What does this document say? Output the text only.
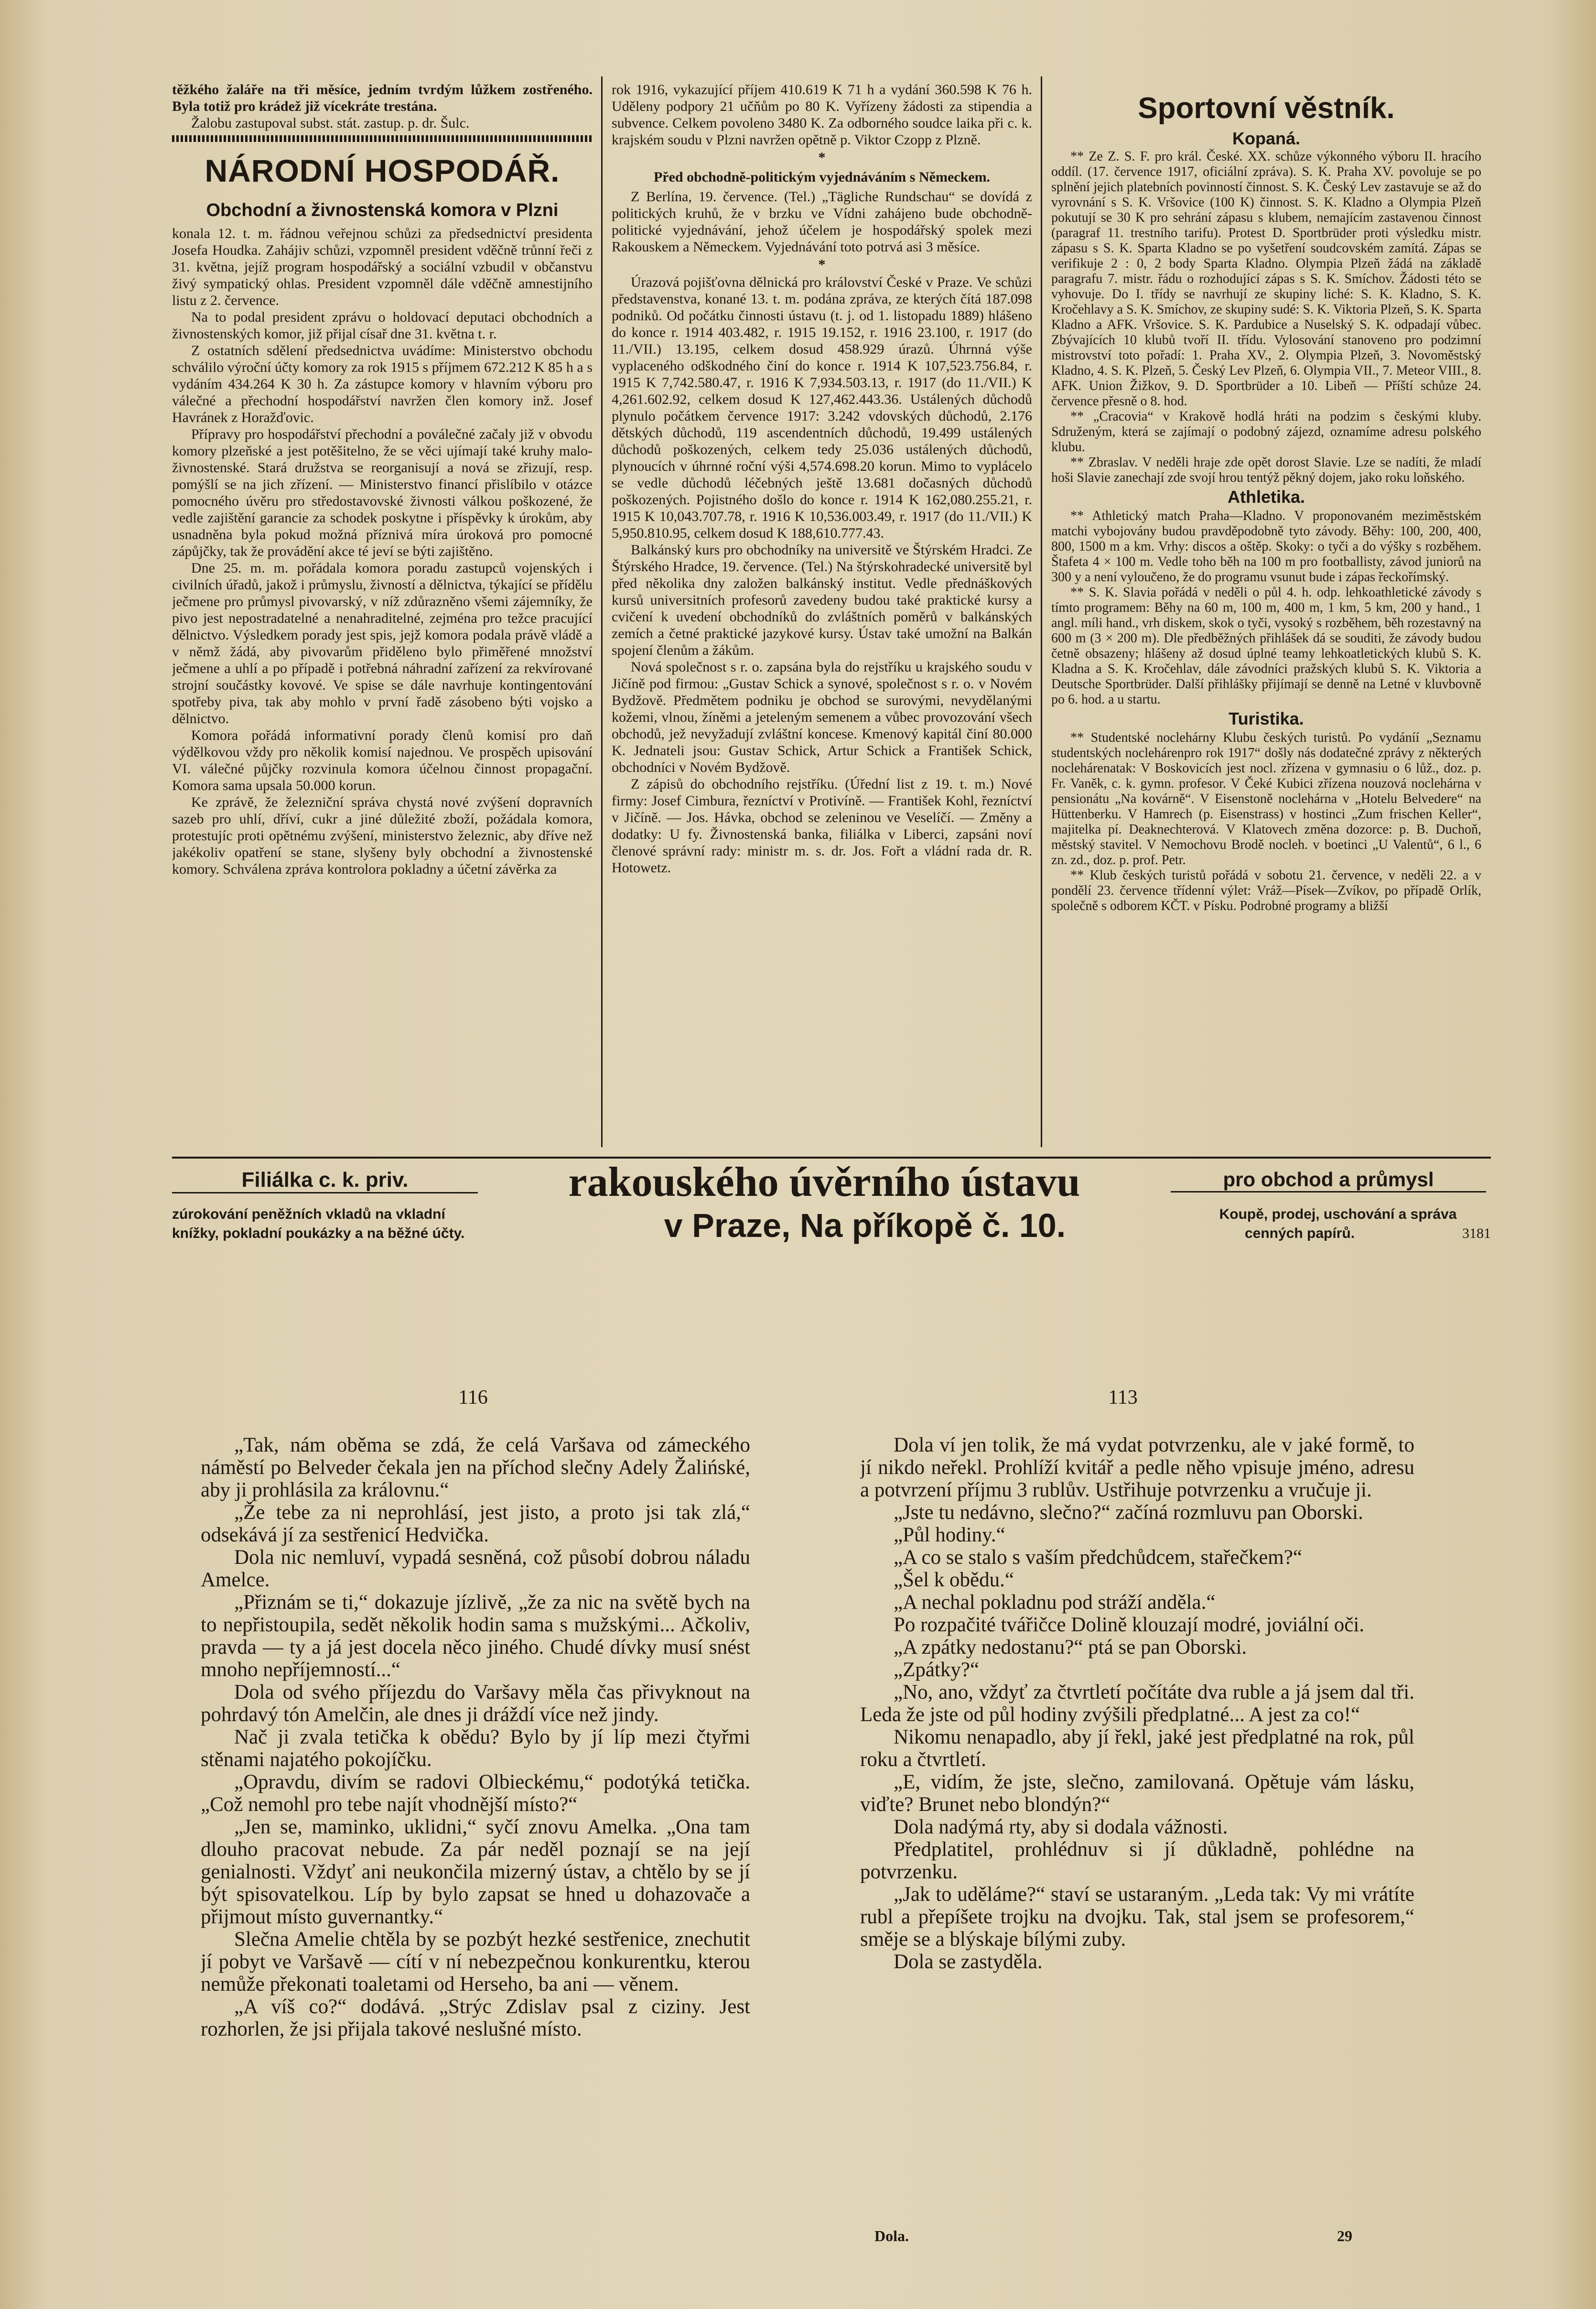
těžkého žaláře na tři měsíce, jedním tvrdým lůžkem zostřeného. Byla totiž pro krádež již vícekráte trestána.

Žalobu zastupoval subst. stát. zastup. p. dr. Šulc.

NÁRODNÍ HOSPODÁŘ.
Obchodní a živnostenská komora v Plzni

konala 12. t. m. řádnou veřejnou schůzi za předsednictví presidenta Josefa Houdka. Zahájiv schůzi, vzpomněl president vděčně trůnní řeči z 31. května, jejíž program hospodářský a sociální vzbudil v občanstvu živý sympatický ohlas. President vzpomněl dále vděčně amnestijního listu z 2. července.

Na to podal president zprávu o holdovací deputaci obchodních a živnostenských komor, již přijal císař dne 31. května t. r.

Z ostatních sdělení předsednictva uvádíme: Ministerstvo obchodu schválilo výroční účty komory za rok 1915 s příjmem 672.212 K 85 h a s vydáním 434.264 K 30 h. Za zástupce komory v hlavním výboru pro válečné a přechodní hospodářství navržen člen komory inž. Josef Havránek z Horažďovic.

Přípravy pro hospodářství přechodní a poválečné začaly již v obvodu komory plzeňské a jest potěšitelno, že se věci ujímají také kruhy malo-živnostenské. Stará družstva se reorganisují a nová se zřizují, resp. pomýšlí se na jich zřízení. — Ministerstvo financí přislíbilo v otázce pomocného úvěru pro středostavovské živnosti válkou poškozené, že vedle zajištění garancie za schodek poskytne i příspěvky k úrokům, aby usnadněna byla pokud možná příznivá míra úroková pro pomocné zápůjčky, tak že provádění akce té jeví se býti zajištěno.

Dne 25. m. m. pořádala komora poradu zastupců vojenských i civilních úřadů, jakož i průmyslu, živností a dělnictva, týkající se přídělu ječmene pro průmysl pivovarský, v níž zdůrazněno všemi zájemníky, že pivo jest nepostradatelné a nenahraditelné, zejména pro težce pracující dělnictvo. Výsledkem porady jest spis, jejž komora podala právě vládě a v němž žádá, aby pivovarům přiděleno bylo přiměřené množství ječmene a uhlí a po případě i potřebná náhradní zařízení za rekvírované strojní součástky kovové. Ve spise se dále navrhuje kontingentování spotřeby piva, tak aby mohlo v první řadě zásobeno býti vojsko a dělnictvo.

Komora pořádá informativní porady členů komisí pro daň výdělkovou vždy pro několik komisí najednou. Ve prospěch upisování VI. válečné půjčky rozvinula komora účelnou činnost propagační. Komora sama upsala 50.000 korun.

Ke zprávě, že železniční správa chystá nové zvýšení dopravních sazeb pro uhlí, dříví, cukr a jiné důležité zboží, požádala komora, protestujíc proti opětnému zvýšení, ministerstvo železnic, aby dříve než jakékoliv opatření se stane, slyšeny byly obchodní a živnostenské komory. Schválena zpráva kontrolora pokladny a účetní závěrka za

rok 1916, vykazující příjem 410.619 K 71 h a vydání 360.598 K 76 h. Uděleny podpory 21 učňům po 80 K. Vyřízeny žádosti za stipendia a subvence. Celkem povoleno 3480 K. Za odborného soudce laika při c. k. krajském soudu v Plzni navržen opětně p. Viktor Czopp z Plzně.

*
Před obchodně-politickým vyjednáváním s Německem.

Z Berlína, 19. července. (Tel.) „Tägliche Rundschau“ se dovídá z politických kruhů, že v brzku ve Vídni zahájeno bude obchodně-politické vyjednávání, jehož účelem je hospodářský spolek mezi Rakouskem a Německem. Vyjednávání toto potrvá asi 3 měsíce.

*

Úrazová pojišťovna dělnická pro království České v Praze. Ve schůzi představenstva, konané 13. t. m. podána zpráva, ze kterých čítá 187.098 podniků. Od počátku činnosti ústavu (t. j. od 1. listopadu 1889) hlášeno do konce r. 1914 403.482, r. 1915 19.152, r. 1916 23.100, r. 1917 (do 11./VII.) 13.195, celkem dosud 458.929 úrazů. Úhrnná výše vyplaceného odškodného činí do konce r. 1914 K 107,523.756.84, r. 1915 K 7,742.580.47, r. 1916 K 7,934.503.13, r. 1917 (do 11./VII.) K 4,261.602.92, celkem dosud K 127,462.443.36. Ustálených důchodů plynulo počátkem července 1917: 3.242 vdovských důchodů, 2.176 dětských důchodů, 119 ascendentních důchodů, 19.499 ustálených důchodů poškozených, celkem tedy 25.036 ustálených důchodů, plynoucích v úhrnné roční výši 4,574.698.20 korun. Mimo to vyplácelo se vedle důchodů léčebných ještě 13.681 dočasných důchodů poškozených. Pojistného došlo do konce r. 1914 K 162,080.255.21, r. 1915 K 10,043.707.78, r. 1916 K 10,536.003.49, r. 1917 (do 11./VII.) K 5,950.810.95, celkem dosud K 188,610.777.43.

Balkánský kurs pro obchodníky na universitě ve Štýrském Hradci. Ze Štýrského Hradce, 19. července. (Tel.) Na štýrskohradecké universitě byl před několika dny založen balkánský institut. Vedle přednáškových kursů universitních profesorů zavedeny budou také praktické kursy a cvičení k uvedení obchodníků do zvláštních poměrů v balkánských zemích a četné praktické jazykové kursy. Ústav také umožní na Balkán spojení členům a žákům.

Nová společnost s r. o. zapsána byla do rejstříku u krajského soudu v Jičíně pod firmou: „Gustav Schick a synové, společnost s r. o. v Novém Bydžově. Předmětem podniku je obchod se surovými, nevydělanými kožemi, vlnou, žíněmi a jeteleným semenem a vůbec provozování všech obchodů, jež nevyžadují zvláštní koncese. Kmenový kapitál činí 80.000 K. Jednateli jsou: Gustav Schick, Artur Schick a František Schick, obchodníci v Novém Bydžově.

Z zápisů do obchodního rejstříku. (Úřední list z 19. t. m.) Nové firmy: Josef Cimbura, řezníctví v Protivíně. — František Kohl, řezníctví v Jičíně. — Jos. Hávka, obchod se zeleninou ve Veselíčí. — Změny a dodatky: U fy. Živnostenská banka, filiálka v Liberci, zapsáni noví členové správní rady: ministr m. s. dr. Jos. Fořt a vládní rada dr. R. Hotowetz.

Sportovní věstník.
Kopaná.

** Ze Z. S. F. pro král. České. XX. schůze výkonného výboru II. hracího oddíl. (17. července 1917, oficiální zpráva). S. K. Praha XV. povoluje se po splnění jejich platebních povinností činnost. S. K. Český Lev zastavuje se až do vyrovnání s S. K. Vršovice (100 K) činnost. S. K. Kladno a Olympia Plzeň pokutují se 30 K pro sehrání zápasu s klubem, nemajícím zastavenou činnost (paragraf 11. trestního tarifu). Protest D. Sportbrüder proti výsledku mistr. zápasu s S. K. Sparta Kladno se po vyšetření soudcovském zamítá. Zápas se verifikuje 2 : 0, 2 body Sparta Kladno. Olympia Plzeň žádá na základě paragrafu 7. mistr. řádu o rozhodující zápas s S. K. Smíchov. Žádosti této se vyhovuje. Do I. třídy se navrhují ze skupiny liché: S. K. Kladno, S. K. Kročehlavy a S. K. Smíchov, ze skupiny sudé: S. K. Viktoria Plzeň, S. K. Sparta Kladno a AFK. Vršovice. S. K. Pardubice a Nuselský S. K. odpadají vůbec. Zbývajících 10 klubů tvoří II. třídu. Vylosování stanoveno pro podzimní mistrovství toto pořadí: 1. Praha XV., 2. Olympia Plzeň, 3. Novoměstský Kladno, 4. S. K. Plzeň, 5. Český Lev Plzeň, 6. Olympia VII., 7. Meteor VIII., 8. AFK. Union Žižkov, 9. D. Sportbrüder a 10. Libeň — Příští schůze 24. července přesně o 8. hod.

** „Cracovia“ v Krakově hodlá hráti na podzim s českými kluby. Sdruženým, která se zajímají o podobný zájezd, oznamíme adresu polského klubu.

** Zbraslav. V neděli hraje zde opět dorost Slavie. Lze se nadíti, že mladí hoši Slavie zanechají zde svojí hrou tentýž pěkný dojem, jako roku loňského.

Athletika.

** Athletický match Praha—Kladno. V proponovaném meziměstském matchi vybojovány budou pravděpodobně tyto závody. Běhy: 100, 200, 400, 800, 1500 m a km. Vrhy: discos a oštěp. Skoky: o tyči a do výšky s rozběhem. Štafeta 4 × 100 m. Vedle toho běh na 100 m pro footballisty, závod juniorů na 300 y a není vyloučeno, že do programu vsunut bude i zápas řeckořímský.

** S. K. Slavia pořádá v neděli o půl 4. h. odp. lehkoathletické závody s tímto programem: Běhy na 60 m, 100 m, 400 m, 1 km, 5 km, 200 y hand., 1 angl. míli hand., vrh diskem, skok o tyči, vysoký s rozběhem, běh rozestavný na 600 m (3 × 200 m). Dle předběžných přihlášek dá se souditi, že závody budou četně obsazeny; hlášeny až dosud úplné teamy lehkoatletických klubů S. K. Kladna a S. K. Kročehlav, dále závodníci pražských klubů S. K. Viktoria a Deutsche Sportbrüder. Další přihlášky přijímají se denně na Letné v kluvbovně po 6. hod. a u startu.

Turistika.

** Studentské noclehárny Klubu českých turistů. Po vydáníí „Seznamu studentských noclehárenpro rok 1917“ došly nás dodatečné zprávy z některých noclehárenatak: V Boskovicích jest nocl. zřízena v gymnasiu o 6 lůž., doz. p. Fr. Vaněk, c. k. gymn. profesor. V Čeké Kubici zřízena nouzová noclehárna v pensionátu „Na kovárně“. V Eisenstoně noclehárna v „Hotelu Belvedere“ na Hüttenberku. V Hamrech (p. Eisenstrass) v hostinci „Zum frischen Keller“, majitelka pí. Deaknechterová. V Klatovech změna dozorce: p. B. Duchoň, městský stavitel. V Nemochovu Brodě nocleh. v boetinci „U Valentů“, 6 l., 6 zn. zd., doz. p. prof. Petr.

** Klub českých turistů pořádá v sobotu 21. července, v neděli 22. a v pondělí 23. července třídenní výlet: Vráž—Písek—Zvíkov, po případě Orlík, společně s odborem KČT. v Písku. Podrobné programy a bližší

Filiálka c. k. priv.	rakouského úvěrního ústavu	pro obchod a průmysl
zúrokování peněžních vkladů na vkladní
knížky, pokladní poukázky a na běžné účty.	v Praze, Na příkopě č. 10.	Koupě, prodej, uschování a správa
cenných papírů.	3181
116	113

„Tak, nám oběma se zdá, že celá Varšava od zámeckého náměstí po Belveder čekala jen na příchod slečny Adely Žalińské, aby ji prohlásila za královnu.“

„Že tebe za ni neprohlásí, jest jisto, a proto jsi tak zlá,“ odsekává jí za sestřenicí Hedvička.

Dola nic nemluví, vypadá sesněná, což působí dobrou náladu Amelce.

„Přiznám se ti,“ dokazuje jízlivě, „že za nic na světě bych na to nepřistoupila, sedět několik hodin sama s mužskými... Ačkoliv, pravda — ty a já jest docela něco jiného. Chudé dívky musí snést mnoho nepříjemností...“

Dola od svého příjezdu do Varšavy měla čas přivyknout na pohrdavý tón Amelčin, ale dnes ji dráždí více než jindy.

Nač ji zvala tetička k obědu? Bylo by jí líp mezi čtyřmi stěnami najatého pokojíčku.

„Opravdu, divím se radovi Olbieckému,“ podotýká tetička. „Což nemohl pro tebe najít vhodnější místo?“

„Jen se, maminko, uklidni,“ syčí znovu Amelka. „Ona tam dlouho pracovat nebude. Za pár neděl poznají se na její genialnosti. Vždyť ani neukončila mizerný ústav, a chtělo by se jí být spisovatelkou. Líp by bylo zapsat se hned u dohazovače a přijmout místo guvernantky.“

Slečna Amelie chtěla by se pozbýt hezké sestřenice, znechutit jí pobyt ve Varšavě — cítí v ní nebezpečnou konkurentku, kterou nemůže překonati toaletami od Herseho, ba ani — věnem.

„A víš co?“ dodává. „Strýc Zdislav psal z ciziny. Jest rozhorlen, že jsi přijala takové neslušné místo.

Dola ví jen tolik, že má vydat potvrzenku, ale v jaké formě, to jí nikdo neřekl. Prohlíží kvitář a pedle něho vpisuje jméno, adresu a potvrzení příjmu 3 rublův. Ustřihuje potvrzenku a vručuje ji.

„Jste tu nedávno, slečno?“ začíná rozmluvu pan Oborski.

„Půl hodiny.“

„A co se stalo s vaším předchůdcem, stařečkem?“

„Šel k obědu.“

„A nechal pokladnu pod stráží anděla.“

Po rozpačité tvářičce Dolině klouzají modré, joviální oči.

„A zpátky nedostanu?“ ptá se pan Oborski.

„Zpátky?“

„No, ano, vždyť za čtvrtletí počítáte dva ruble a já jsem dal tři. Leda že jste od půl hodiny zvýšili předplatné... A jest za co!“

Nikomu nenapadlo, aby jí řekl, jaké jest předplatné na rok, půl roku a čtvrtletí.

„E, vidím, že jste, slečno, zamilovaná. Opětuje vám lásku, viďte? Brunet nebo blondýn?“

Dola nadýmá rty, aby si dodala vážnosti.

Předplatitel, prohlédnuv si jí důkladně, pohlédne na potvrzenku.

„Jak to uděláme?“ staví se ustaraným. „Leda tak: Vy mi vrátíte rubl a přepíšete trojku na dvojku. Tak, stal jsem se profesorem,“ směje se a blýskaje bílými zuby.

Dola se zastyděla.

Dola.	29
